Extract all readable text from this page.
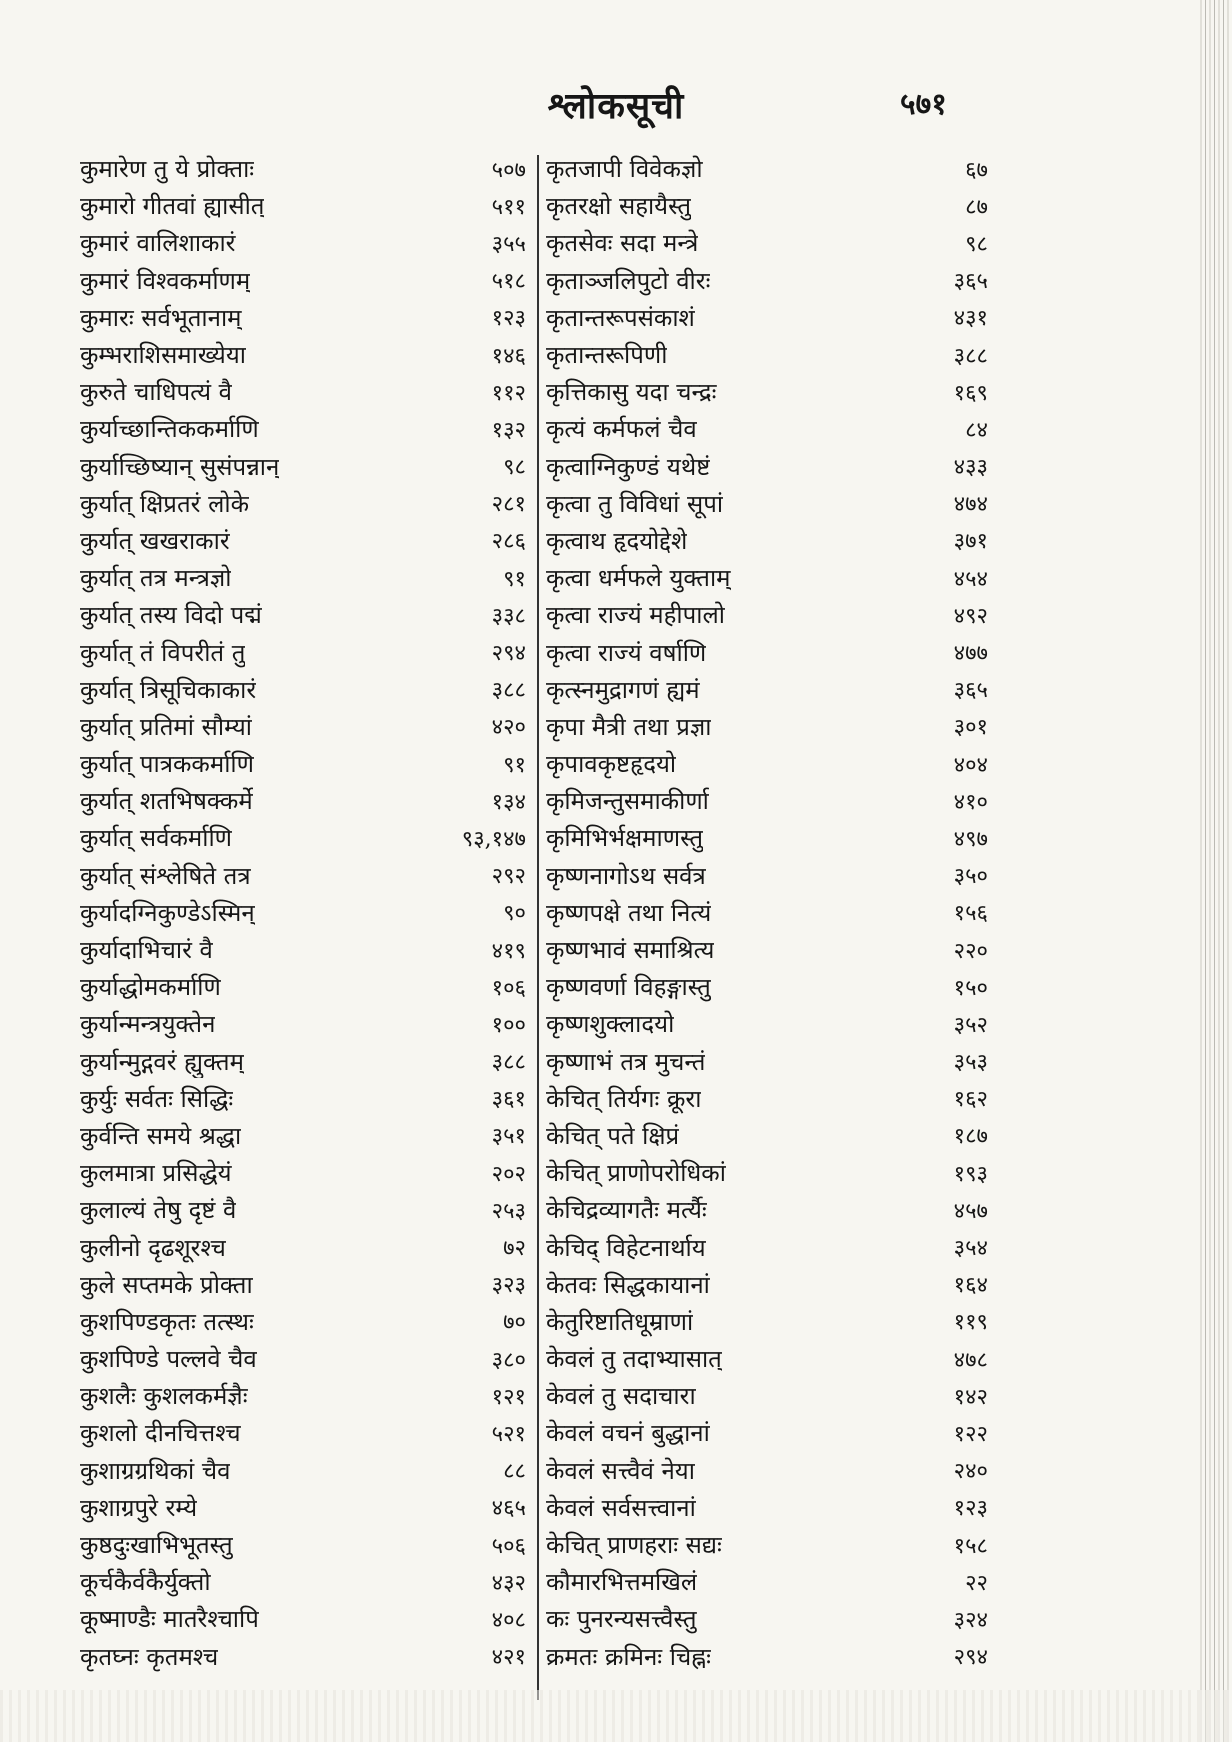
श्लोकसूची	५७१
कुमारेण तु ये प्रोक्ताः	५०७
कुमारो गीतवां ह्यासीत्	५११
कुमारं वालिशाकारं	३५५
कुमारं विश्वकर्माणम्	५१८
कुमारः सर्वभूतानाम्	१२३
कुम्भराशिसमाख्येया	१४६
कुरुते चाधिपत्यं वै	११२
कुर्याच्छान्तिककर्माणि	१३२
कुर्याच्छिष्यान् सुसंपन्नान्	९८
कुर्यात् क्षिप्रतरं लोके	२८१
कुर्यात् खखराकारं	२८६
कुर्यात् तत्र मन्त्रज्ञो	९१
कुर्यात् तस्य विदो पद्मं	३३८
कुर्यात् तं विपरीतं तु	२९४
कुर्यात् त्रिसूचिकाकारं	३८८
कुर्यात् प्रतिमां सौम्यां	४२०
कुर्यात् पात्रककर्माणि	९१
कुर्यात् शतभिषक्कर्मे	१३४
कुर्यात् सर्वकर्माणि	९३,१४७
कुर्यात् संश्लेषिते तत्र	२९२
कुर्यादग्निकुण्डेऽस्मिन्	९०
कुर्यादाभिचारं वै	४१९
कुर्याद्धोमकर्माणि	१०६
कुर्यान्मन्त्रयुक्तेन	१००
कुर्यान्मुद्गवरं ह्युक्तम्	३८८
कुर्युः सर्वतः सिद्धिः	३६१
कुर्वन्ति समये श्रद्धा	३५१
कुलमात्रा प्रसिद्धेयं	२०२
कुलाल्यं तेषु दृष्टं वै	२५३
कुलीनो दृढशूरश्च	७२
कुले सप्तमके प्रोक्ता	३२३
कुशपिण्डकृतः तत्स्थः	७०
कुशपिण्डे पल्लवे चैव	३८०
कुशलैः कुशलकर्मज्ञैः	१२१
कुशलो दीनचित्तश्च	५२१
कुशाग्रग्रथिकां चैव	८८
कुशाग्रपुरे रम्ये	४६५
कुष्ठदुःखाभिभूतस्तु	५०६
कूर्चकैर्वकैर्युक्तो	४३२
कूष्माण्डैः मातरैश्चापि	४०८
कृतघ्नः कृतमश्च	४२१
कृतजापी विवेकज्ञो	६७
कृतरक्षो सहायैस्तु	८७
कृतसेवः सदा मन्त्रे	९८
कृताञ्जलिपुटो वीरः	३६५
कृतान्तरूपसंकाशं	४३१
कृतान्तरूपिणी	३८८
कृत्तिकासु यदा चन्द्रः	१६९
कृत्यं कर्मफलं चैव	८४
कृत्वाग्निकुण्डं यथेष्टं	४३३
कृत्वा तु विविधां सूपां	४७४
कृत्वाथ हृदयोद्देशे	३७१
कृत्वा धर्मफले युक्ताम्	४५४
कृत्वा राज्यं महीपालो	४९२
कृत्वा राज्यं वर्षाणि	४७७
कृत्स्नमुद्रागणं ह्यमं	३६५
कृपा मैत्री तथा प्रज्ञा	३०१
कृपावकृष्टहृदयो	४०४
कृमिजन्तुसमाकीर्णा	४१०
कृमिभिर्भक्षमाणस्तु	४९७
कृष्णनागोऽथ सर्वत्र	३५०
कृष्णपक्षे तथा नित्यं	१५६
कृष्णभावं समाश्रित्य	२२०
कृष्णवर्णा विहङ्गास्तु	१५०
कृष्णशुक्लादयो	३५२
कृष्णाभं तत्र मुचन्तं	३५३
केचित् तिर्यगः क्रूरा	१६२
केचित् पते क्षिप्रं	१८७
केचित् प्राणोपरोधिकां	१९३
केचिद्रव्यागतैः मर्त्यैः	४५७
केचिद् विहेटनार्थाय	३५४
केतवः सिद्धकायानां	१६४
केतुरिष्टातिधूम्राणां	११९
केवलं तु तदाभ्यासात्	४७८
केवलं तु सदाचारा	१४२
केवलं वचनं बुद्धानां	१२२
केवलं सत्त्वैवं नेया	२४०
केवलं सर्वसत्त्वानां	१२३
केचित् प्राणहराः सद्यः	१५८
कौमारभित्तमखिलं	२२
कः पुनरन्यसत्त्वैस्तु	३२४
क्रमतः क्रमिनः चिह्नः	२९४
